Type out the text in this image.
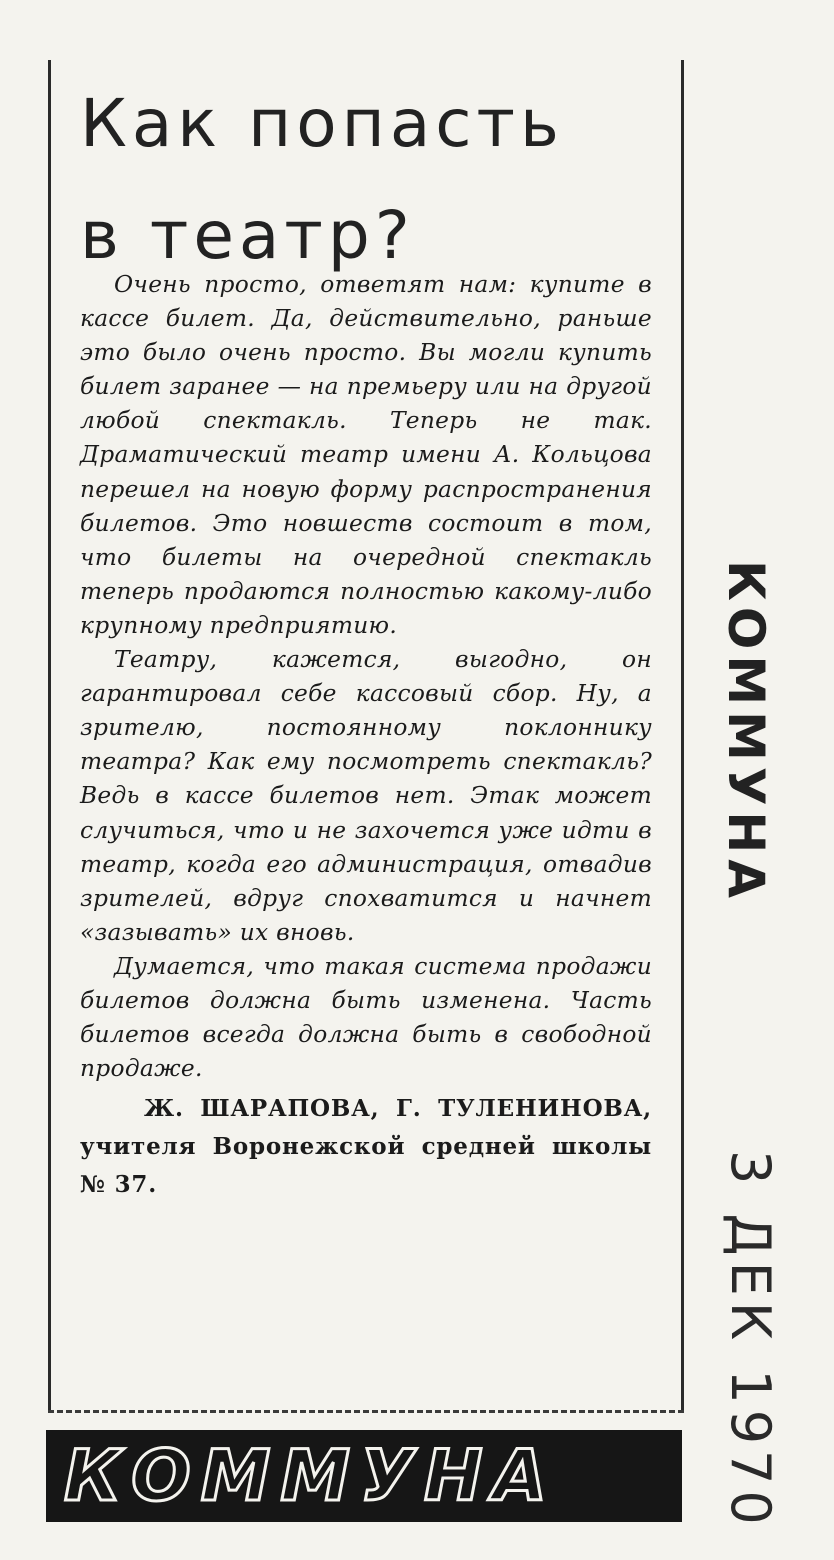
Как попасть
в театр?

Очень просто, ответят нам: купите в кассе билет. Да, действительно, раньше это было очень просто. Вы могли купить билет заранее — на премьеру или на другой любой спектакль. Теперь не так. Драматический театр имени А. Кольцова перешел на новую форму распространения билетов. Это новшеств состоит в том, что билеты на очередной спектакль теперь продаются полностью какому-либо крупному предприятию.

Театру, кажется, выгодно, он гарантировал себе кассовый сбор. Ну, а зрителю, постоянному поклоннику театра? Как ему посмотреть спектакль? Ведь в кассе билетов нет. Этак может случиться, что и не захочется уже идти в театр, когда его администрация, отвадив зрителей, вдруг спохватится и начнет «зазывать» их вновь.

Думается, что такая система продажи билетов должна быть изменена. Часть билетов всегда должна быть в свободной продаже.

Ж. ШАРАПОВА, Г. ТУЛЕНИНОВА, учителя Воронежской средней школы № 37.
КОММУНА
КОММУНА
3 ДЕК 1970
